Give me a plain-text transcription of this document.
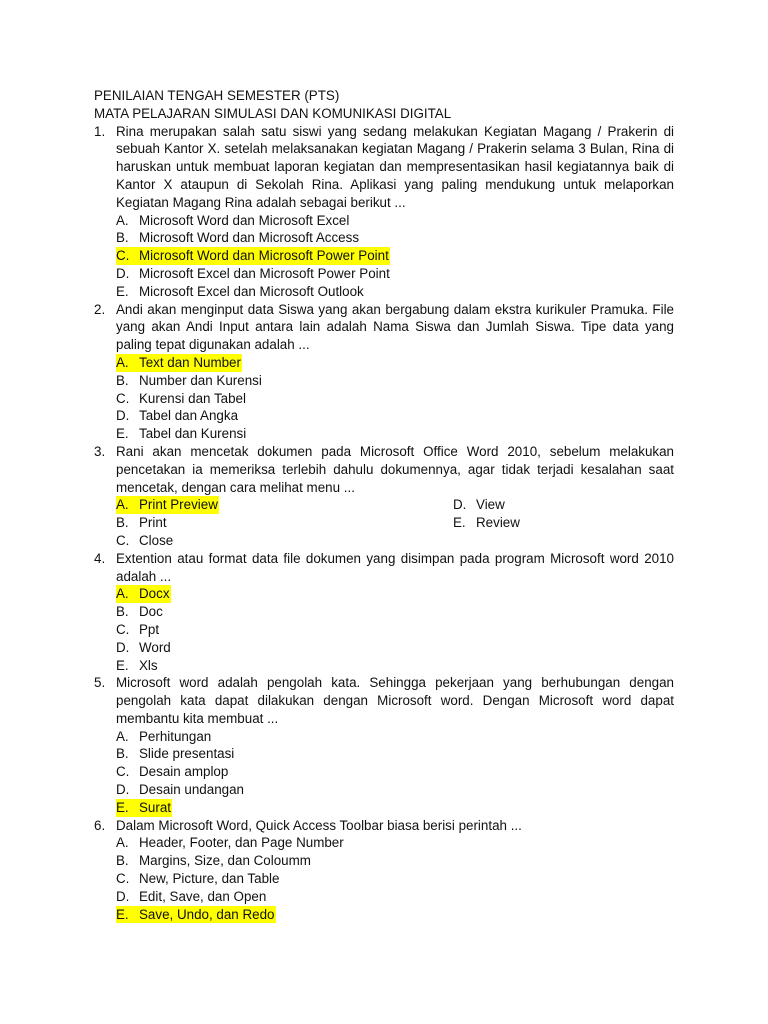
PENILAIAN TENGAH SEMESTER (PTS)
MATA PELAJARAN SIMULASI DAN KOMUNIKASI DIGITAL
1. Rina merupakan salah satu siswi yang sedang melakukan Kegiatan Magang / Prakerin di sebuah Kantor X. setelah melaksanakan kegiatan Magang / Prakerin selama 3 Bulan, Rina di haruskan untuk membuat laporan kegiatan dan mempresentasikan hasil kegiatannya baik di Kantor X ataupun di Sekolah Rina. Aplikasi yang paling mendukung untuk melaporkan Kegiatan Magang Rina adalah sebagai berikut ...
A. Microsoft Word dan Microsoft Excel
B. Microsoft Word dan Microsoft Access
C. Microsoft Word dan Microsoft Power Point
D. Microsoft Excel dan Microsoft Power Point
E. Microsoft Excel dan Microsoft Outlook
2. Andi akan menginput data Siswa yang akan bergabung dalam ekstra kurikuler Pramuka. File yang akan Andi Input antara lain adalah Nama Siswa dan Jumlah Siswa. Tipe data yang paling tepat digunakan adalah ...
A. Text dan Number
B. Number dan Kurensi
C. Kurensi dan Tabel
D. Tabel dan Angka
E. Tabel dan Kurensi
3. Rani akan mencetak dokumen pada Microsoft Office Word 2010, sebelum melakukan pencetakan ia memeriksa terlebih dahulu dokumennya, agar tidak terjadi kesalahan saat mencetak, dengan cara melihat menu ...
A. Print Preview	D. View
B. Print	E. Review
C. Close
4. Extention atau format data file dokumen yang disimpan pada program Microsoft word 2010 adalah ...
A. Docx
B. Doc
C. Ppt
D. Word
E. Xls
5. Microsoft word adalah pengolah kata. Sehingga pekerjaan yang berhubungan dengan pengolah kata dapat dilakukan dengan Microsoft word. Dengan Microsoft word dapat membantu kita membuat ...
A. Perhitungan
B. Slide presentasi
C. Desain amplop
D. Desain undangan
E. Surat
6. Dalam Microsoft Word, Quick Access Toolbar biasa berisi perintah ...
A. Header, Footer, dan Page Number
B. Margins, Size, dan Coloumm
C. New, Picture, dan Table
D. Edit, Save, dan Open
E. Save, Undo, dan Redo
